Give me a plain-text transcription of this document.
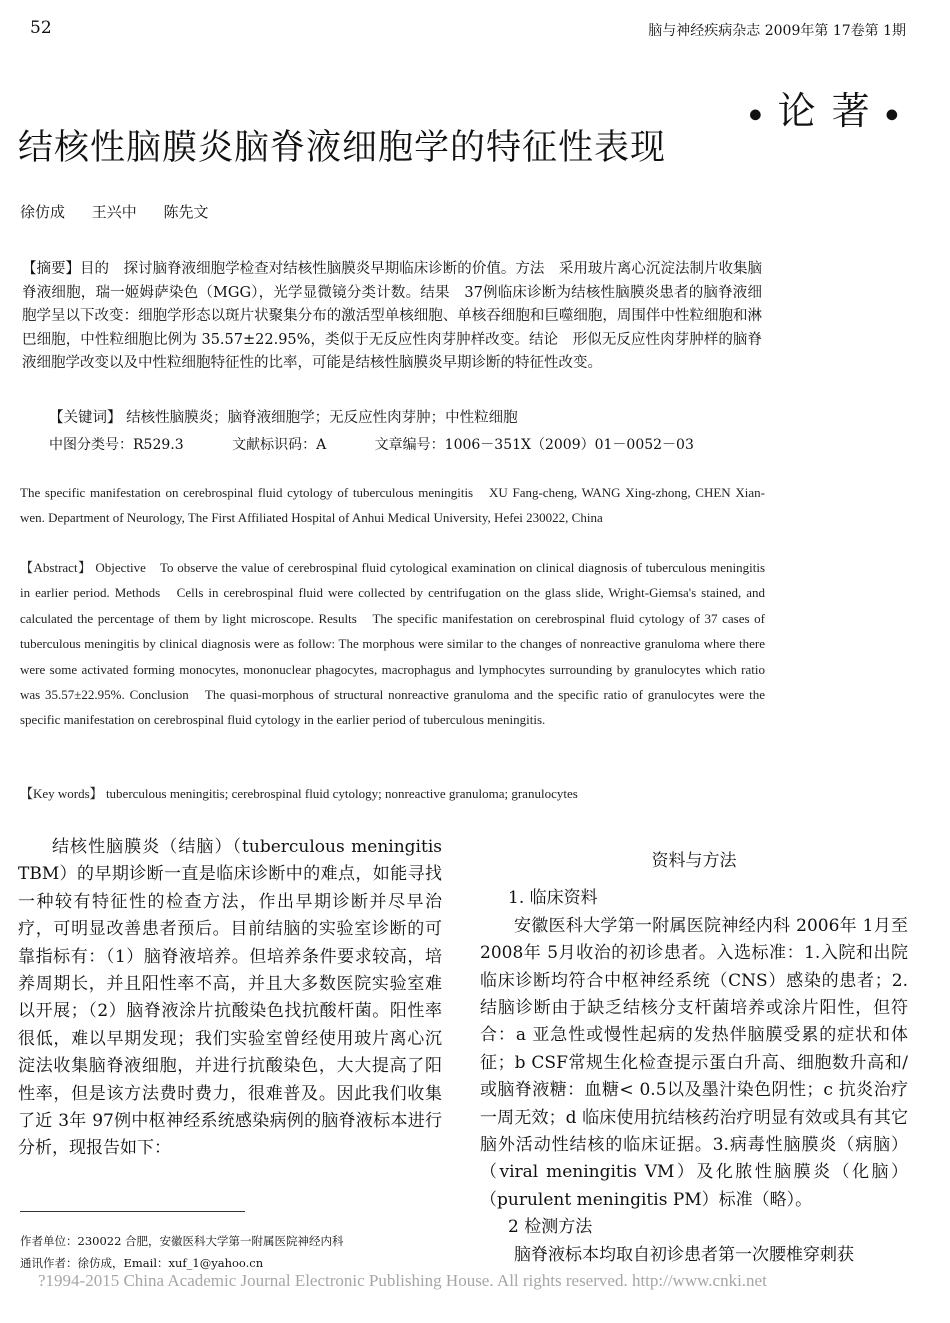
52	脑与神经疾病杂志 2009年第 17卷第 1期
● 论 著 ●
结核性脑膜炎脑脊液细胞学的特征性表现
徐仿成 王兴中 陈先文
【摘要】目的　探讨脑脊液细胞学检查对结核性脑膜炎早期临床诊断的价值。方法　采用玻片离心沉淀法制片收集脑脊液细胞，瑞一姬姆萨染色（MGG），光学显微镜分类计数。结果　37例临床诊断为结核性脑膜炎患者的脑脊液细胞学呈以下改变：细胞学形态以斑片状聚集分布的激活型单核细胞、单核吞细胞和巨噬细胞，周围伴中性粒细胞和淋巴细胞，中性粒细胞比例为 35.57±22.95%，类似于无反应性肉芽肿样改变。结论　形似无反应性肉芽肿样的脑脊液细胞学改变以及中性粒细胞特征性的比率，可能是结核性脑膜炎早期诊断的特征性改变。
【关键词】 结核性脑膜炎；脑脊液细胞学；无反应性肉芽肿；中性粒细胞
中图分类号：R529.3	文献标识码：A	文章编号：1006－351X（2009）01－0052－03
The specific manifestation on cerebrospinal fluid cytology of tuberculous meningitis　XU Fang-cheng, WANG Xing-zhong, CHEN Xian-wen. Department of Neurology, The First Affiliated Hospital of Anhui Medical University, Hefei 230022, China
【Abstract】 Objective　To observe the value of cerebrospinal fluid cytological examination on clinical diagnosis of tuberculous meningitis in earlier period. Methods　Cells in cerebrospinal fluid were collected by centrifugation on the glass slide, Wright-Giemsa's stained, and calculated the percentage of them by light microscope. Results　The specific manifestation on cerebrospinal fluid cytology of 37 cases of tuberculous meningitis by clinical diagnosis were as follow: The morphous were similar to the changes of nonreactive granuloma where there were some activated forming monocytes, mononuclear phagocytes, macrophagus and lymphocytes surrounding by granulocytes which ratio was 35.57±22.95%. Conclusion　The quasi-morphous of structural nonreactive granuloma and the specific ratio of granulocytes were the specific manifestation on cerebrospinal fluid cytology in the earlier period of tuberculous meningitis.
【Key words】 tuberculous meningitis; cerebrospinal fluid cytology; nonreactive granuloma; granulocytes

结核性脑膜炎（结脑）（tuberculous meningitis TBM）的早期诊断一直是临床诊断中的难点，如能寻找一种较有特征性的检查方法，作出早期诊断并尽早治疗，可明显改善患者预后。目前结脑的实验室诊断的可靠指标有：（1）脑脊液培养。但培养条件要求较高，培养周期长，并且阳性率不高，并且大多数医院实验室难以开展；（2）脑脊液涂片抗酸染色找抗酸杆菌。阳性率很低，难以早期发现；我们实验室曾经使用玻片离心沉淀法收集脑脊液细胞，并进行抗酸染色，大大提高了阳性率，但是该方法费时费力，很难普及。因此我们收集了近 3年 97例中枢神经系统感染病例的脑脊液标本进行分析，现报告如下：

资料与方法

1. 临床资料

安徽医科大学第一附属医院神经内科 2006年 1月至 2008年 5月收治的初诊患者。入选标准：1.入院和出院临床诊断均符合中枢神经系统（CNS）感染的患者；2.结脑诊断由于缺乏结核分支杆菌培养或涂片阳性，但符合：a 亚急性或慢性起病的发热伴脑膜受累的症状和体征；b CSF常规生化检查提示蛋白升高、细胞数升高和/或脑脊液糖：血糖< 0.5以及墨汁染色阴性；c 抗炎治疗一周无效；d 临床使用抗结核药治疗明显有效或具有其它脑外活动性结核的临床证据。3.病毒性脑膜炎（病脑）（viral meningitis VM）及化脓性脑膜炎（化脑）（purulent meningitis PM）标准（略）。

2 检测方法

脑脊液标本均取自初诊患者第一次腰椎穿刺获

作者单位：230022 合肥，安徽医科大学第一附属医院神经内科
通讯作者：徐仿成，Email：xuf_1@yahoo.cn
?1994-2015 China Academic Journal Electronic Publishing House. All rights reserved. http://www.cnki.net
